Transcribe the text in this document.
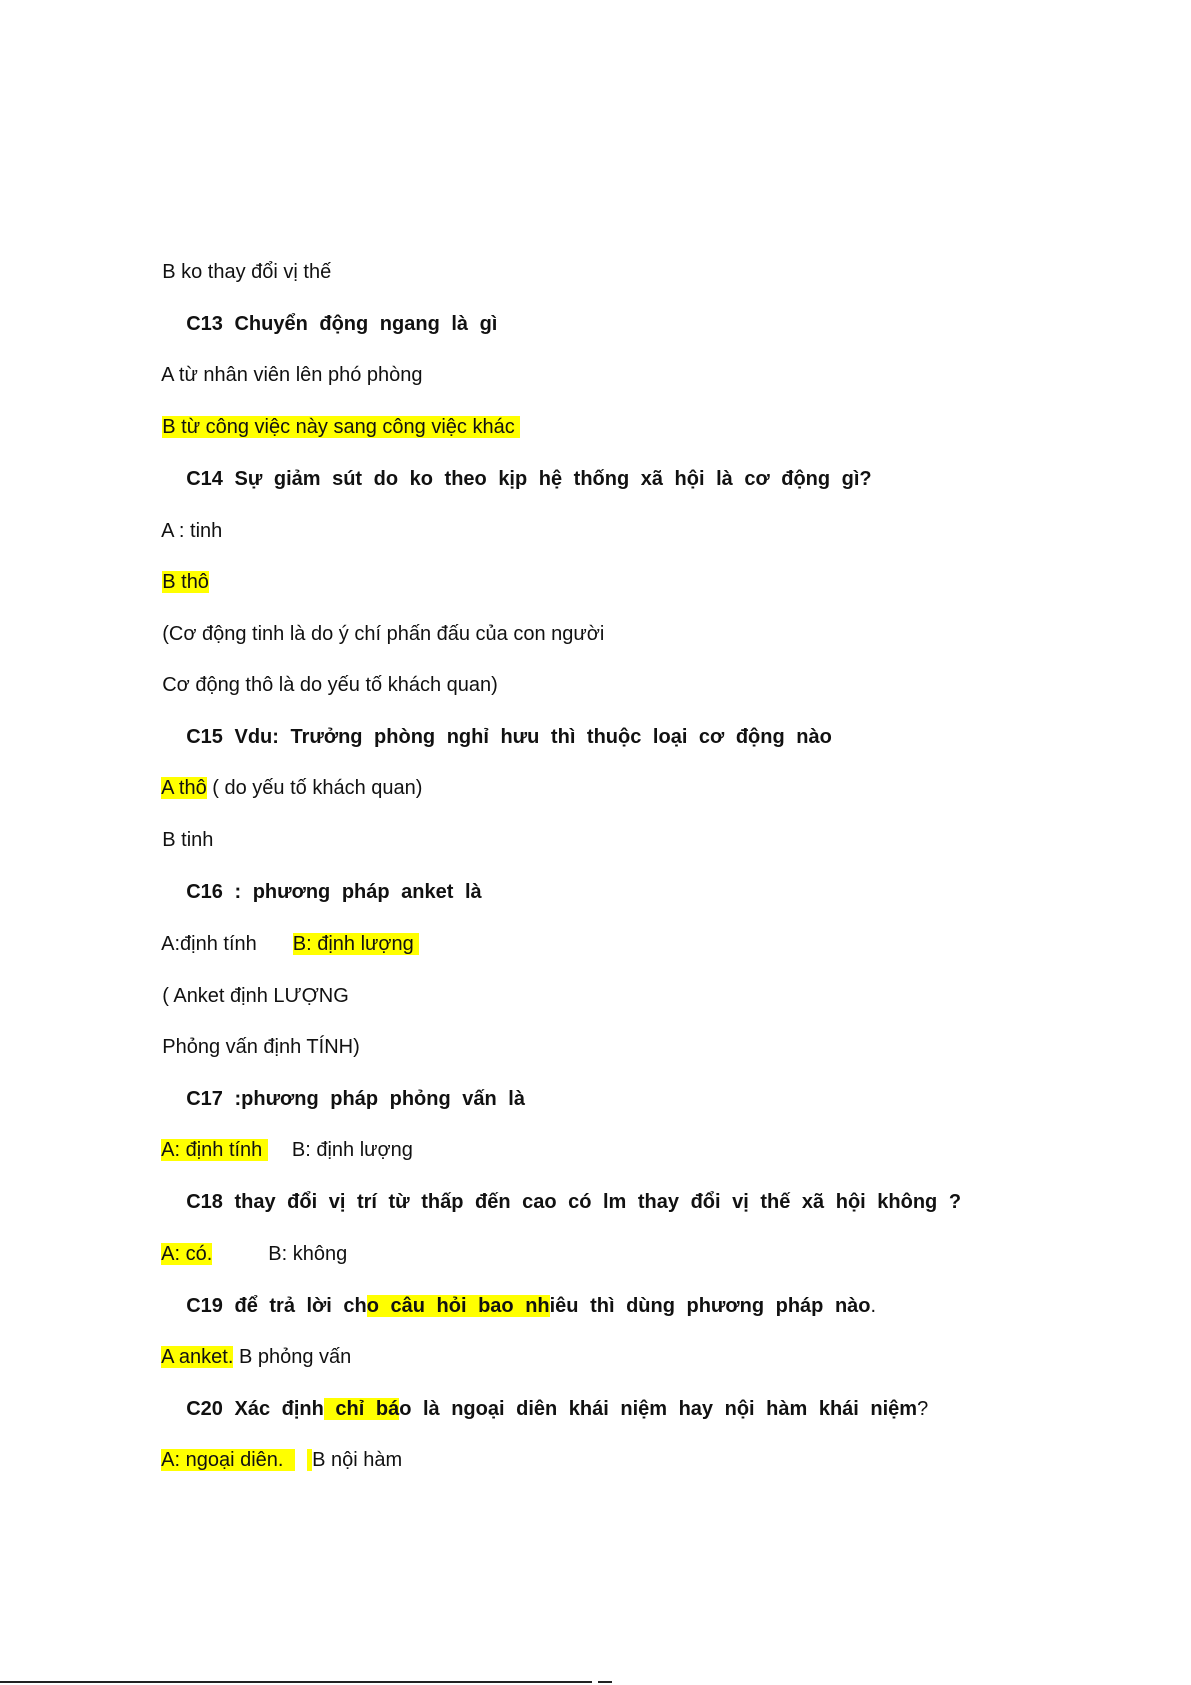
B ko thay đổi vị thế

C13 Chuyển động ngang là gì

A từ nhân viên lên phó phòng

B từ công việc này sang công việc khác

C14 Sự giảm sút do ko theo kịp hệ thống xã hội là cơ động gì?

A : tinh

B thô

(Cơ động tinh là do ý chí phấn đấu của con người

Cơ động thô là do yếu tố khách quan)

C15 Vdu: Trưởng phòng nghỉ hưu thì thuộc loại cơ động nào

A thô ( do yếu tố khách quan)

B tinh

C16 : phương pháp anket là

A:định tính B: định lượng

( Anket định LƯỢNG

Phỏng vấn định TÍNH)

C17 :phương pháp phỏng vấn là

A: định tính B: định lượng

C18 thay đổi vị trí từ thấp đến cao có lm thay đổi vị thế xã hội không ?

A: có.	B: không

C19 để trả lời cho câu hỏi bao nhiêu thì dùng phương pháp nào.

A anket. B phỏng vấn

C20 Xác định chỉ báo là ngoại diên khái niệm hay nội hàm khái niệm?

A: ngoại diên.   B nội hàm
